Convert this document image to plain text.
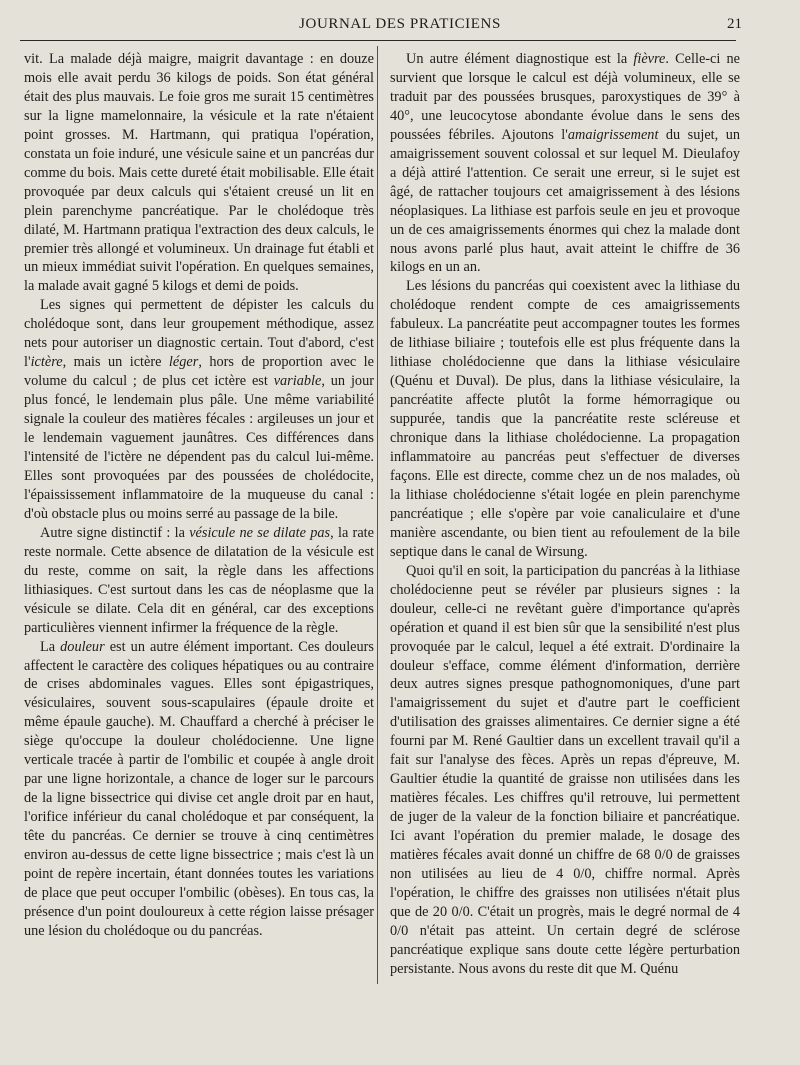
JOURNAL DES PRATICIENS	21

vit. La malade déjà maigre, maigrit davantage : en douze mois elle avait perdu 36 kilogs de poids. Son état général était des plus mauvais. Le foie gros me surait 15 centimètres sur la ligne mamelonnaire, la vésicule et la rate n'étaient point grosses. M. Hartmann, qui pratiqua l'opération, constata un foie induré, une vésicule saine et un pancréas dur comme du bois. Mais cette dureté était mobilisable. Elle était provoquée par deux calculs qui s'étaient creusé un lit en plein parenchyme pancréatique. Par le cholédoque très dilaté, M. Hartmann pratiqua l'extraction des deux calculs, le premier très allongé et volumineux. Un drainage fut établi et un mieux immédiat suivit l'opération. En quelques semaines, la malade avait gagné 5 kilogs et demi de poids.

Les signes qui permettent de dépister les calculs du cholédoque sont, dans leur groupement méthodique, assez nets pour autoriser un diagnostic certain. Tout d'abord, c'est l'ictère, mais un ictère léger, hors de proportion avec le volume du calcul ; de plus cet ictère est variable, un jour plus foncé, le lendemain plus pâle. Une même variabilité signale la couleur des matières fécales : argileuses un jour et le lendemain vaguement jaunâtres. Ces différences dans l'intensité de l'ictère ne dépendent pas du calcul lui-même. Elles sont provoquées par des poussées de cholédocite, l'épaississement inflammatoire de la muqueuse du canal : d'où obstacle plus ou moins serré au passage de la bile.

Autre signe distinctif : la vésicule ne se dilate pas, la rate reste normale. Cette absence de dilatation de la vésicule est du reste, comme on sait, la règle dans les affections lithiasiques. C'est surtout dans les cas de néoplasme que la vésicule se dilate. Cela dit en général, car des exceptions particulières viennent infirmer la fréquence de la règle.

La douleur est un autre élément important. Ces douleurs affectent le caractère des coliques hépatiques ou au contraire de crises abdominales vagues. Elles sont épigastriques, vésiculaires, souvent sous-scapulaires (épaule droite et même épaule gauche). M. Chauffard a cherché à préciser le siège qu'occupe la douleur cholédocienne. Une ligne verticale tracée à partir de l'ombilic et coupée à angle droit par une ligne horizontale, a chance de loger sur le parcours de la ligne bissectrice qui divise cet angle droit par en haut, l'orifice inférieur du canal cholédoque et par conséquent, la tête du pancréas. Ce dernier se trouve à cinq centimètres environ au-dessus de cette ligne bissectrice ; mais c'est là un point de repère incertain, étant données toutes les variations de place que peut occuper l'ombilic (obèses). En tous cas, la présence d'un point douloureux à cette région laisse présager une lésion du cholédoque ou du pancréas.

Un autre élément diagnostique est la fièvre. Celle-ci ne survient que lorsque le calcul est déjà volumineux, elle se traduit par des poussées brusques, paroxystiques de 39° à 40°, une leucocytose abondante évolue dans le sens des poussées fébriles. Ajoutons l'amaigrissement du sujet, un amaigrissement souvent colossal et sur lequel M. Dieulafoy a déjà attiré l'attention. Ce serait une erreur, si le sujet est âgé, de rattacher toujours cet amaigrissement à des lésions néoplasiques. La lithiase est parfois seule en jeu et provoque un de ces amaigrissements énormes qui chez la malade dont nous avons parlé plus haut, avait atteint le chiffre de 36 kilogs en un an.

Les lésions du pancréas qui coexistent avec la lithiase du cholédoque rendent compte de ces amaigrissements fabuleux. La pancréatite peut accompagner toutes les formes de lithiase biliaire ; toutefois elle est plus fréquente dans la lithiase cholédocienne que dans la lithiase vésiculaire (Quénu et Duval). De plus, dans la lithiase vésiculaire, la pancréatite affecte plutôt la forme hémorragique ou suppurée, tandis que la pancréatite reste scléreuse et chronique dans la lithiase cholédocienne. La propagation inflammatoire au pancréas peut s'effectuer de diverses façons. Elle est directe, comme chez un de nos malades, où la lithiase cholédocienne s'était logée en plein parenchyme pancréatique ; elle s'opère par voie canaliculaire et d'une manière ascendante, ou bien tient au refoulement de la bile septique dans le canal de Wirsung.

Quoi qu'il en soit, la participation du pancréas à la lithiase cholédocienne peut se révéler par plusieurs signes : la douleur, celle-ci ne revêtant guère d'importance qu'après opération et quand il est bien sûr que la sensibilité n'est plus provoquée par le calcul, lequel a été extrait. D'ordinaire la douleur s'efface, comme élément d'information, derrière deux autres signes presque pathognomoniques, d'une part l'amaigrissement du sujet et d'autre part le coefficient d'utilisation des graisses alimentaires. Ce dernier signe a été fourni par M. René Gaultier dans un excellent travail qu'il a fait sur l'analyse des fèces. Après un repas d'épreuve, M. Gaultier étudie la quantité de graisse non utilisées dans les matières fécales. Les chiffres qu'il retrouve, lui permettent de juger de la valeur de la fonction biliaire et pancréatique. Ici avant l'opération du premier malade, le dosage des matières fécales avait donné un chiffre de 68 0/0 de graisses non utilisées au lieu de 4 0/0, chiffre normal. Après l'opération, le chiffre des graisses non utilisées n'était plus que de 20 0/0. C'était un progrès, mais le degré normal de 4 0/0 n'était pas atteint. Un certain degré de sclérose pancréatique explique sans doute cette légère perturbation persistante. Nous avons du reste dit que M. Quénu
